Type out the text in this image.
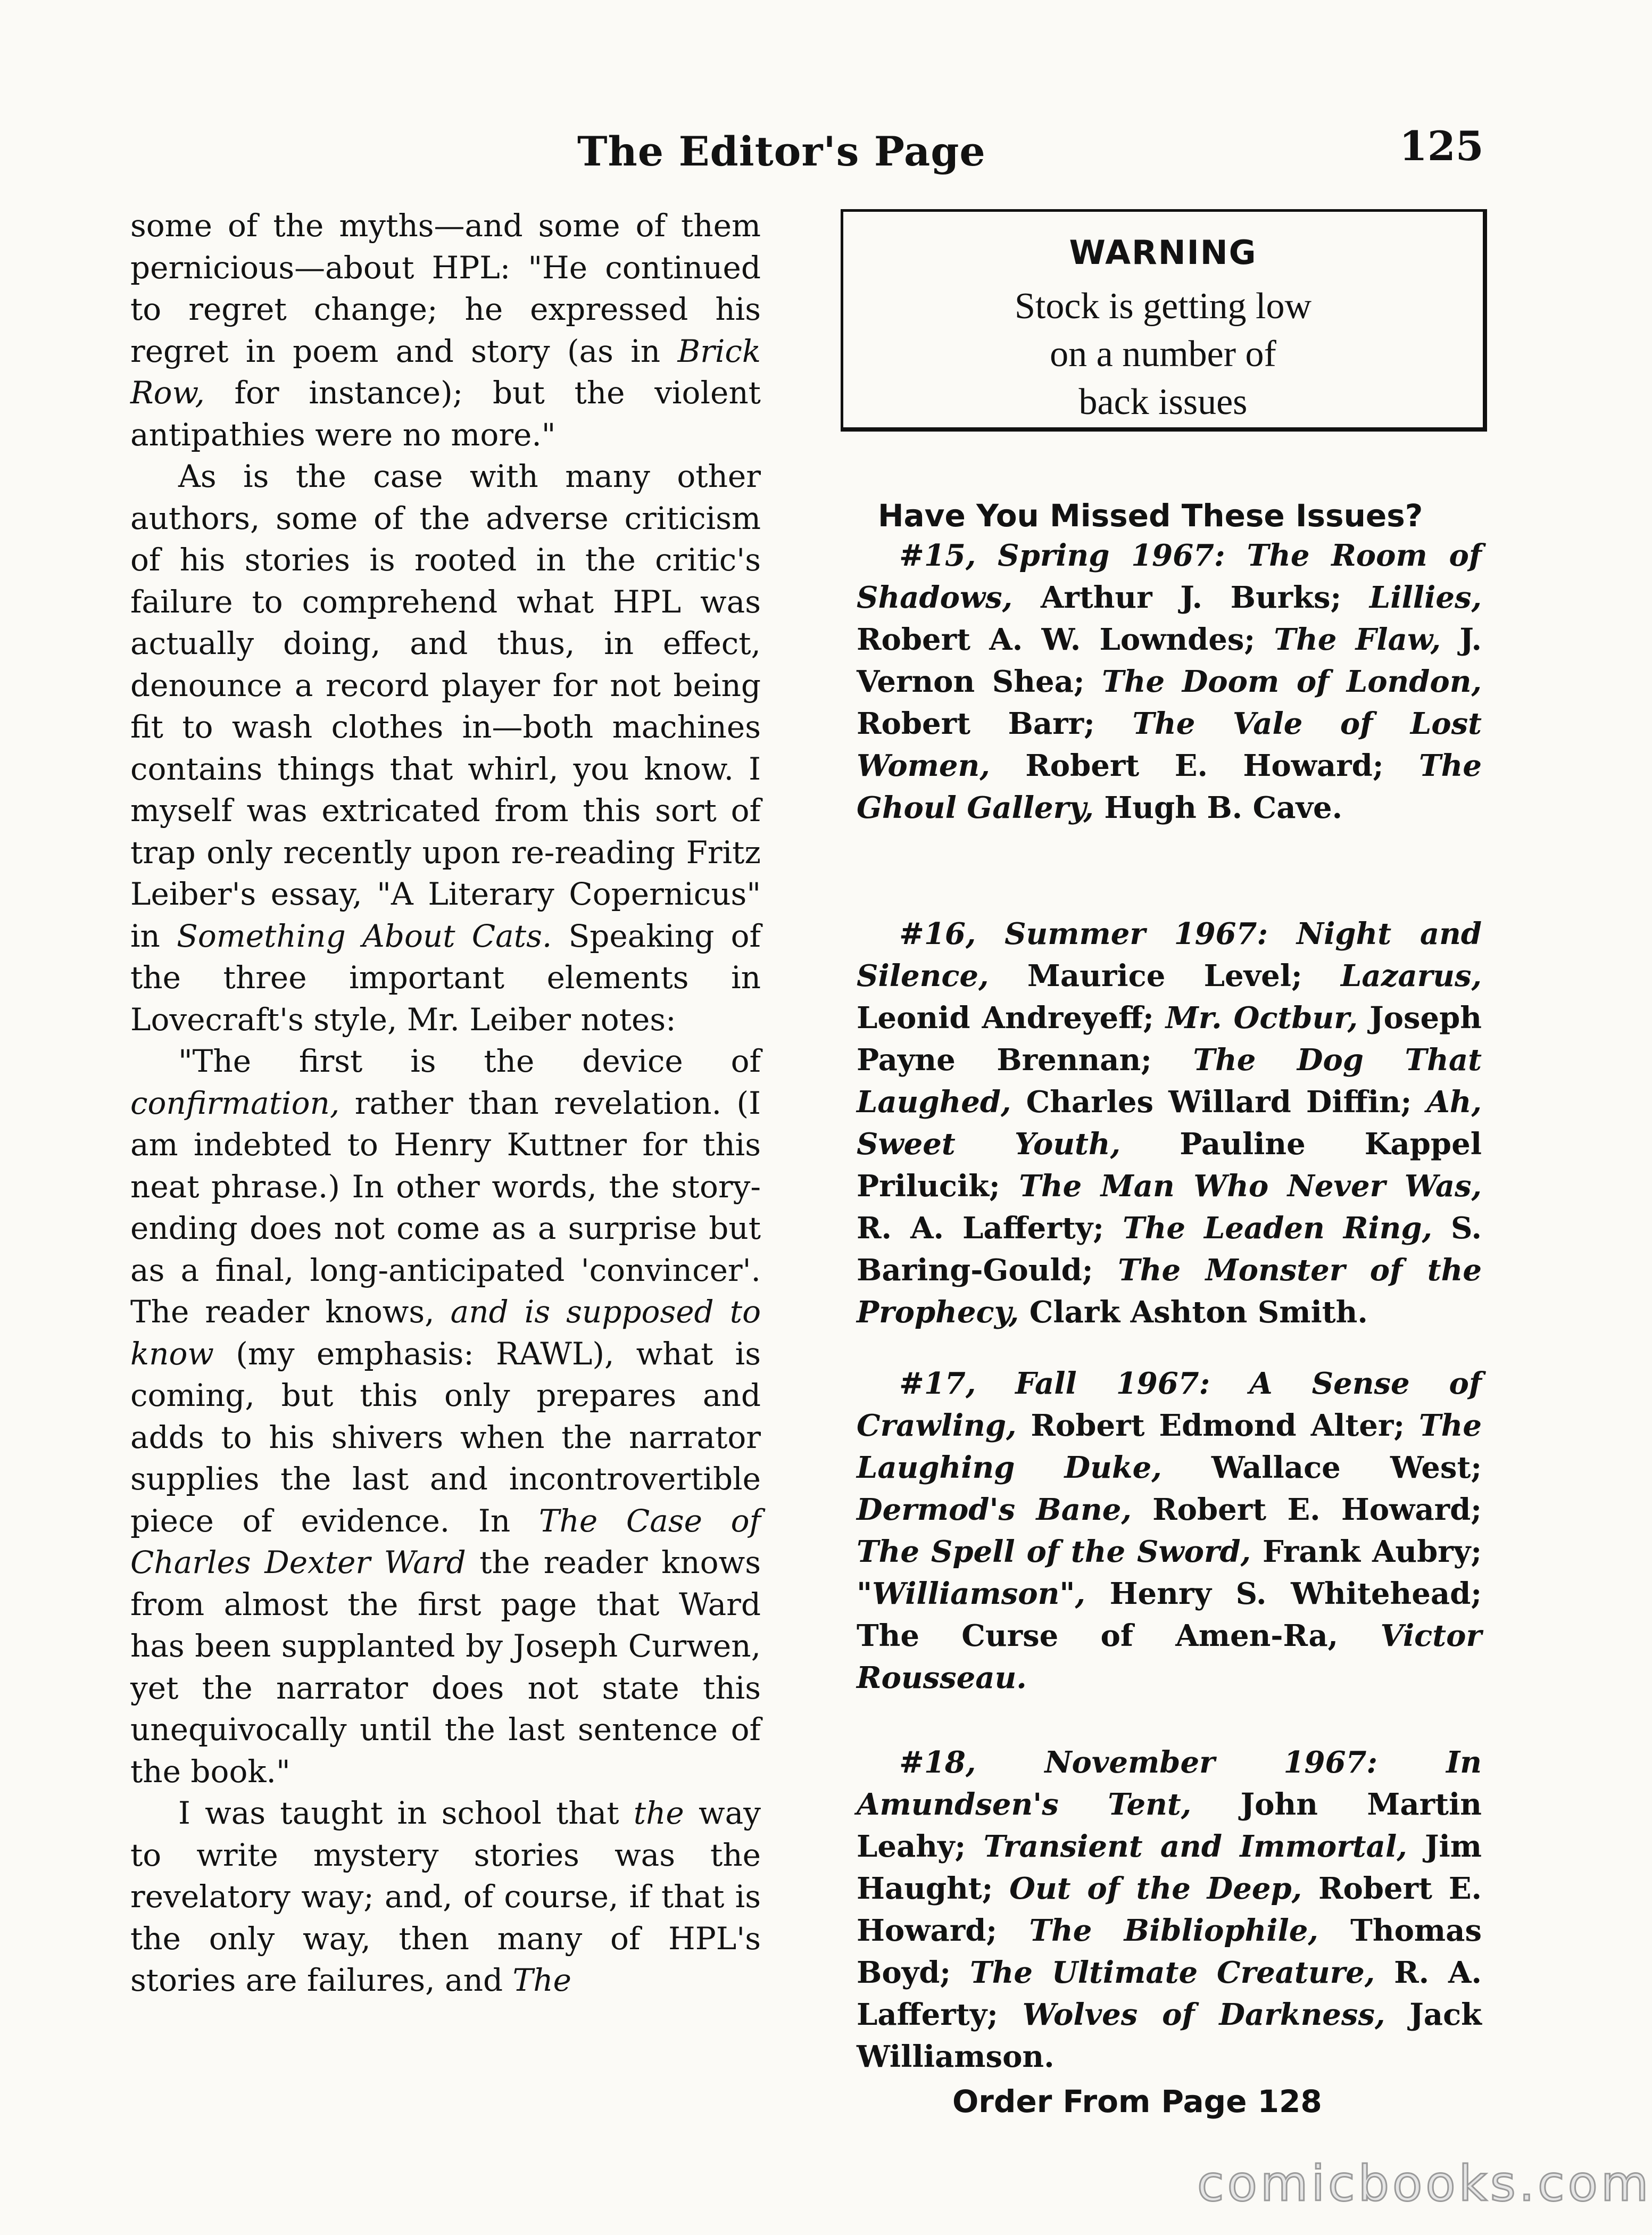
The Editor's Page	125

some of the myths—and some of them pernicious—about HPL: "He continued to regret change; he expressed his regret in poem and story (as in Brick Row, for instance); but the violent antipathies were no more."

As is the case with many other authors, some of the adverse criticism of his stories is rooted in the critic's failure to comprehend what HPL was actually doing, and thus, in effect, denounce a record player for not being fit to wash clothes in—both machines contains things that whirl, you know. I myself was extricated from this sort of trap only recently upon re-reading Fritz Leiber's essay, "A Literary Copernicus" in Something About Cats. Speaking of the three important elements in Lovecraft's style, Mr. Leiber notes:

"The first is the device of confirmation, rather than revelation. (I am indebted to Henry Kuttner for this neat phrase.) In other words, the story-ending does not come as a surprise but as a final, long-anticipated 'convincer'. The reader knows, and is supposed to know (my emphasis: RAWL), what is coming, but this only prepares and adds to his shivers when the narrator supplies the last and incontrovertible piece of evidence. In The Case of Charles Dexter Ward the reader knows from almost the first page that Ward has been supplanted by Joseph Curwen, yet the narrator does not state this unequivocally until the last sentence of the book."

I was taught in school that the way to write mystery stories was the revelatory way; and, of course, if that is the only way, then many of HPL's stories are failures, and The

WARNING
Stock is getting low
on a number of
back issues
Have You Missed These Issues?

#15, Spring 1967: The Room of Shadows, Arthur J. Burks; Lillies, Robert A. W. Lowndes; The Flaw, J. Vernon Shea; The Doom of London, Robert Barr; The Vale of Lost Women, Robert E. Howard; The Ghoul Gallery, Hugh B. Cave.

#16, Summer 1967: Night and Silence, Maurice Level; Lazarus, Leonid Andreyeff; Mr. Octbur, Joseph Payne Brennan; The Dog That Laughed, Charles Willard Diffin; Ah, Sweet Youth, Pauline Kappel Prilucik; The Man Who Never Was, R. A. Lafferty; The Leaden Ring, S. Baring-Gould; The Monster of the Prophecy, Clark Ashton Smith.

#17, Fall 1967: A Sense of Crawling, Robert Edmond Alter; The Laughing Duke, Wallace West; Dermod's Bane, Robert E. Howard; The Spell of the Sword, Frank Aubry; "Williamson", Henry S. Whitehead; The Curse of Amen-Ra, Victor Rousseau.

#18, November 1967: In Amundsen's Tent, John Martin Leahy; Transient and Immortal, Jim Haught; Out of the Deep, Robert E. Howard; The Bibliophile, Thomas Boyd; The Ultimate Creature, R. A. Lafferty; Wolves of Darkness, Jack Williamson.

Order From Page 128
comicbooks.com
